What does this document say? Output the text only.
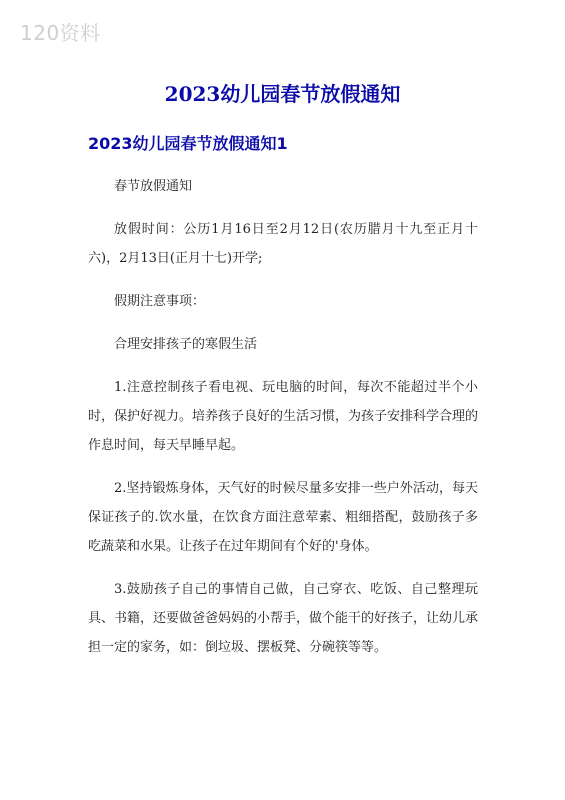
120资料
2023幼儿园春节放假通知
2023幼儿园春节放假通知1

春节放假通知

放假时间：公历1月16日至2月12日(农历腊月十九至正月十六)，2月13日(正月十七)开学;

假期注意事项：

合理安排孩子的寒假生活

1.注意控制孩子看电视、玩电脑的时间，每次不能超过半个小时，保护好视力。培养孩子良好的生活习惯，为孩子安排科学合理的作息时间，每天早睡早起。

2.坚持锻炼身体，天气好的时候尽量多安排一些户外活动，每天保证孩子的.饮水量，在饮食方面注意荤素、粗细搭配，鼓励孩子多吃蔬菜和水果。让孩子在过年期间有个好的'身体。

3.鼓励孩子自己的事情自己做，自己穿衣、吃饭、自己整理玩具、书籍，还要做爸爸妈妈的小帮手，做个能干的好孩子，让幼儿承担一定的家务，如：倒垃圾、摆板凳、分碗筷等等。
